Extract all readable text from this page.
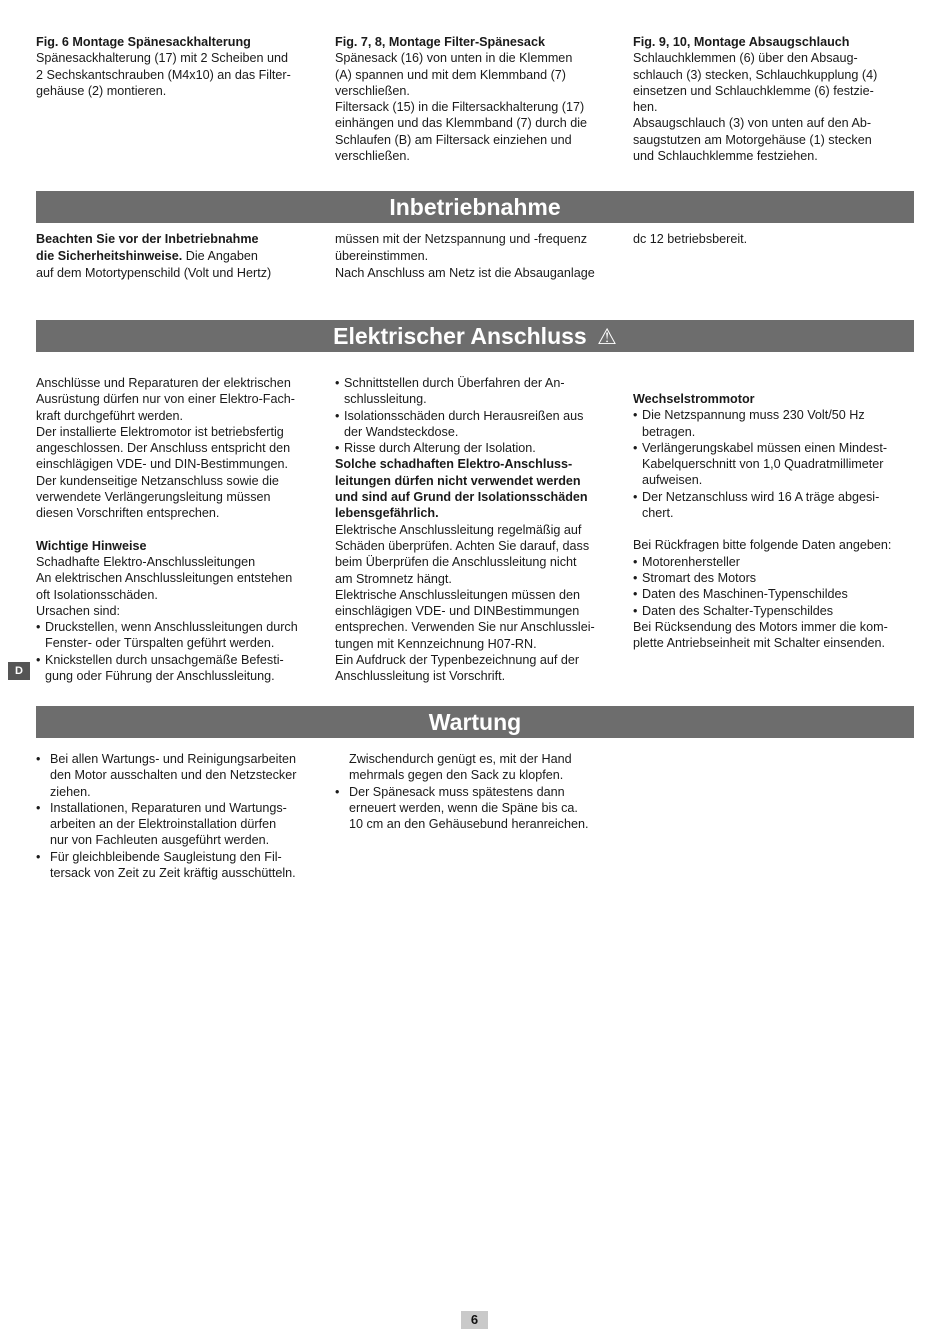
Fig. 6 Montage Spänesackhalterung

Spänesackhalterung (17) mit 2 Scheiben und

2 Sechskantschrauben (M4x10) an das Filter-

gehäuse (2) montieren.

Fig. 7, 8, Montage Filter-Spänesack

Spänesack (16) von unten in die Klemmen

(A) spannen und mit dem Klemmband (7)

verschließen.

Filtersack (15) in die Filtersackhalterung (17)

einhängen und das Klemmband (7) durch die

Schlaufen (B) am Filtersack einziehen und

verschließen.

Fig. 9, 10, Montage Absaugschlauch

Schlauchklemmen (6) über den Absaug-

schlauch (3) stecken, Schlauchkupplung (4)

einsetzen und Schlauchklemme (6) festzie-

hen.

Absaugschlauch (3) von unten auf den Ab-

saugstutzen am Motorgehäuse (1) stecken

und Schlauchklemme festziehen.

Inbetriebnahme

Beachten Sie vor der Inbetriebnahme

die Sicherheitshinweise. Die Angaben

auf dem Motortypenschild (Volt und Hertz)

müssen mit der Netzspannung und -frequenz

übereinstimmen.

Nach Anschluss am Netz ist die Absauganlage

dc 12 betriebsbereit.

Elektrischer Anschluss ⚠

Anschlüsse und Reparaturen der elektrischen

Ausrüstung dürfen nur von einer Elektro-Fach-

kraft durchgeführt werden.

Der installierte Elektromotor ist betriebsfertig

angeschlossen. Der Anschluss entspricht den

einschlägigen VDE- und DIN-Bestimmungen.

Der kundenseitige Netzanschluss sowie die

verwendete Verlängerungsleitung müssen

diesen Vorschriften entsprechen.

Wichtige Hinweise

Schadhafte Elektro-Anschlussleitungen

An elektrischen Anschlussleitungen entstehen

oft Isolationsschäden.

Ursachen sind:

• Druckstellen, wenn Anschlussleitungen durch

Fenster- oder Türspalten geführt werden.

• Knickstellen durch unsachgemäße Befesti-

gung oder Führung der Anschlussleitung.

• Schnittstellen durch Überfahren der An-

schlussleitung.

• Isolationsschäden durch Herausreißen aus

der Wandsteckdose.

• Risse durch Alterung der Isolation.

Solche schadhaften Elektro-Anschluss-

leitungen dürfen nicht verwendet werden

und sind auf Grund der Isolationsschäden

lebensgefährlich.

Elektrische Anschlussleitung regelmäßig auf

Schäden überprüfen. Achten Sie darauf, dass

beim Überprüfen die Anschlussleitung nicht

am Stromnetz hängt.

Elektrische Anschlussleitungen müssen den

einschlägigen VDE- und DINBestimmungen

entsprechen. Verwenden Sie nur Anschlusslei-

tungen mit Kennzeichnung H07-RN.

Ein Aufdruck der Typenbezeichnung auf der

Anschlussleitung ist Vorschrift.

Wechselstrommotor

• Die Netzspannung muss 230 Volt/50 Hz

betragen.

• Verlängerungskabel müssen einen Mindest-

Kabelquerschnitt von 1,0 Quadratmillimeter

aufweisen.

• Der Netzanschluss wird 16 A träge abgesi-

chert.

Bei Rückfragen bitte folgende Daten angeben:

• Motorenhersteller

• Stromart des Motors

• Daten des Maschinen-Typenschildes

• Daten des Schalter-Typenschildes

Bei Rücksendung des Motors immer die kom-

plette Antriebseinheit mit Schalter einsenden.

D
Wartung

• Bei allen Wartungs- und Reinigungsarbeiten

den Motor ausschalten und den Netzstecker

ziehen.

• Installationen, Reparaturen und Wartungs-

arbeiten an der Elektroinstallation dürfen

nur von Fachleuten ausgeführt werden.

• Für gleichbleibende Saugleistung den Fil-

tersack von Zeit zu Zeit kräftig ausschütteln.

Zwischendurch genügt es, mit der Hand

mehrmals gegen den Sack zu klopfen.

• Der Spänesack muss spätestens dann

erneuert werden, wenn die Späne bis ca.

10 cm an den Gehäusebund heranreichen.

6
